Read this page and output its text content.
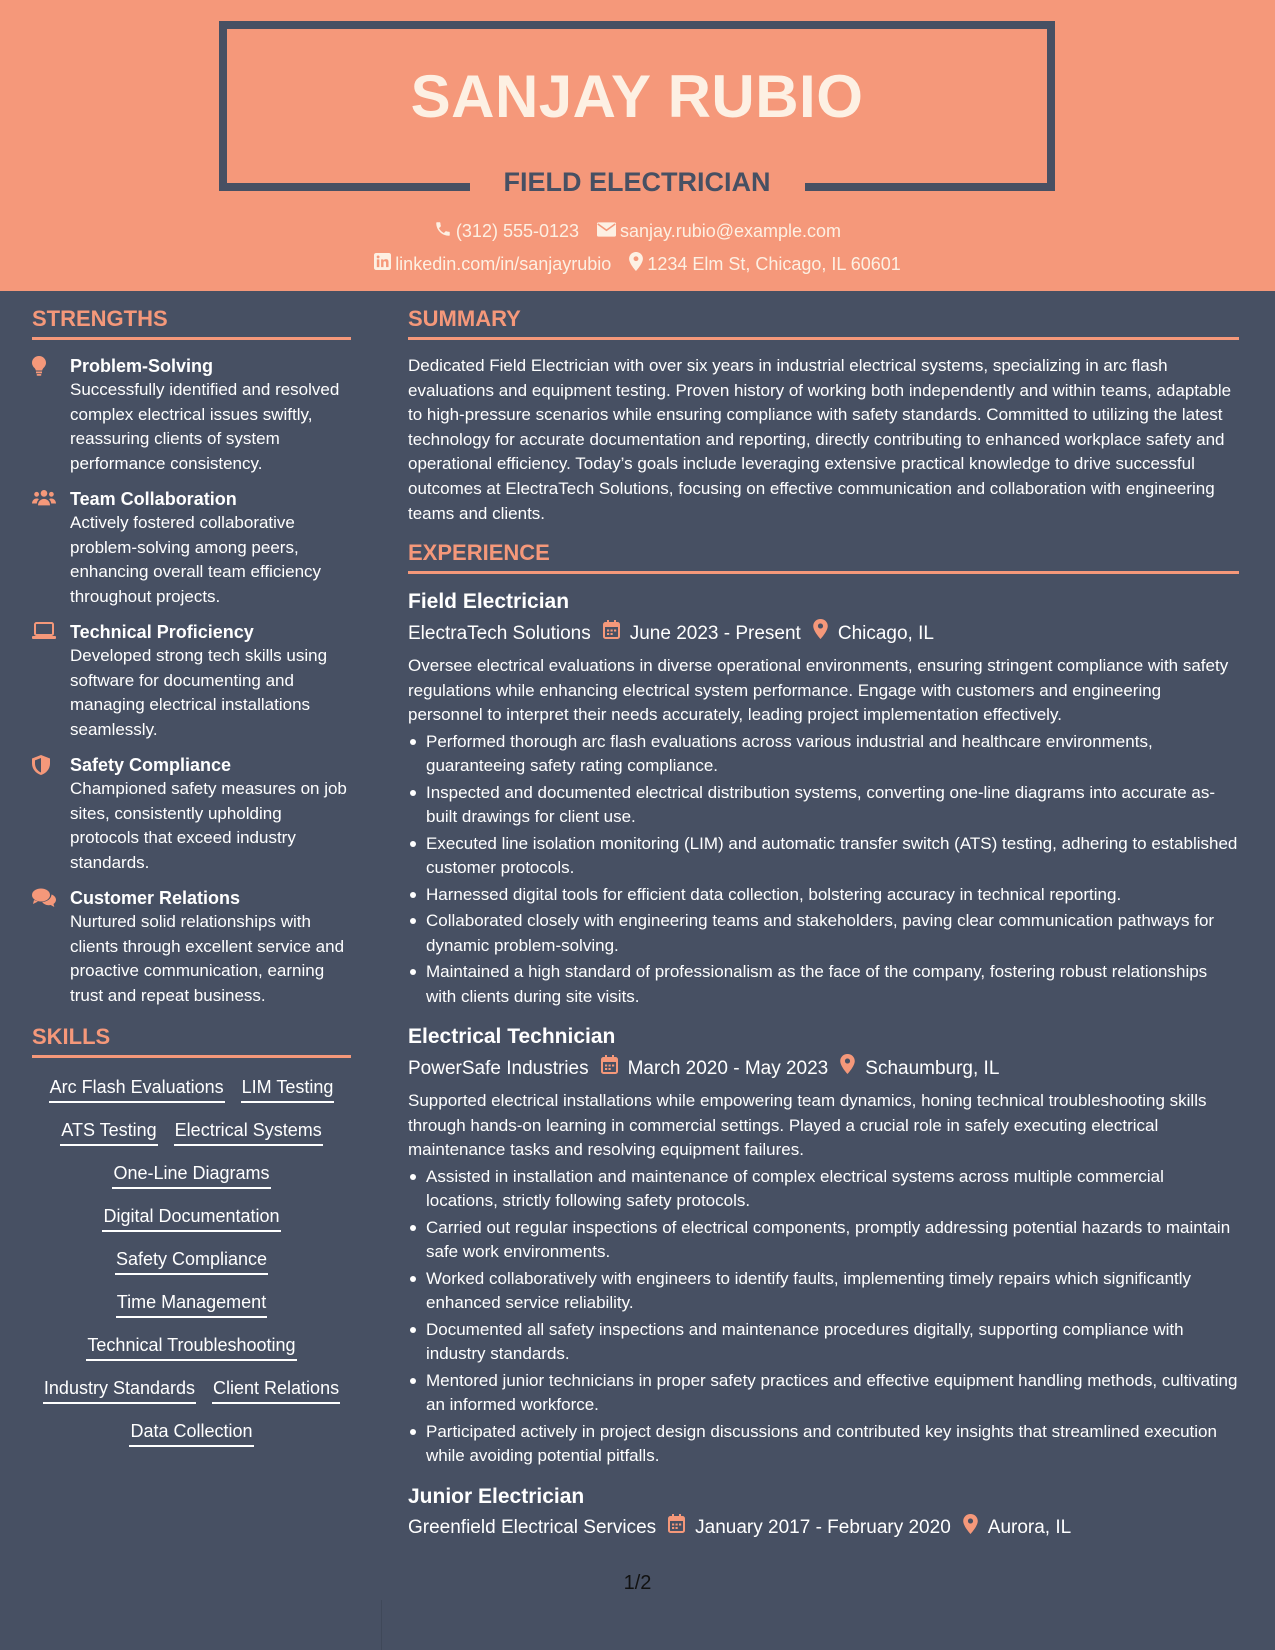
SANJAY RUBIO
FIELD ELECTRICIAN
(312) 555-0123 sanjay.rubio@example.com
linkedin.com/in/sanjayrubio 1234 Elm St, Chicago, IL 60601
STRENGTHS
Problem-Solving
Successfully identified and resolved complex electrical issues swiftly, reassuring clients of system performance consistency.
Team Collaboration
Actively fostered collaborative problem-solving among peers, enhancing overall team efficiency throughout projects.
Technical Proficiency
Developed strong tech skills using software for documenting and managing electrical installations seamlessly.
Safety Compliance
Championed safety measures on job sites, consistently upholding protocols that exceed industry standards.
Customer Relations
Nurtured solid relationships with clients through excellent service and proactive communication, earning trust and repeat business.
SKILLS
Arc Flash Evaluations LIM Testing
ATS Testing Electrical Systems
One-Line Diagrams
Digital Documentation
Safety Compliance
Time Management
Technical Troubleshooting
Industry Standards Client Relations
Data Collection
SUMMARY

Dedicated Field Electrician with over six years in industrial electrical systems, specializing in arc flash evaluations and equipment testing. Proven history of working both independently and within teams, adaptable to high-pressure scenarios while ensuring compliance with safety standards. Committed to utilizing the latest technology for accurate documentation and reporting, directly contributing to enhanced workplace safety and operational efficiency. Today’s goals include leveraging extensive practical knowledge to drive successful outcomes at ElectraTech Solutions, focusing on effective communication and collaboration with engineering teams and clients.

EXPERIENCE
Field Electrician
ElectraTech Solutions June 2023 - Present Chicago, IL
Oversee electrical evaluations in diverse operational environments, ensuring stringent compliance with safety regulations while enhancing electrical system performance. Engage with customers and engineering personnel to interpret their needs accurately, leading project implementation effectively.
Performed thorough arc flash evaluations across various industrial and healthcare environments, guaranteeing safety rating compliance.
Inspected and documented electrical distribution systems, converting one-line diagrams into accurate as-built drawings for client use.
Executed line isolation monitoring (LIM) and automatic transfer switch (ATS) testing, adhering to established customer protocols.
Harnessed digital tools for efficient data collection, bolstering accuracy in technical reporting.
Collaborated closely with engineering teams and stakeholders, paving clear communication pathways for dynamic problem-solving.
Maintained a high standard of professionalism as the face of the company, fostering robust relationships with clients during site visits.
Electrical Technician
PowerSafe Industries March 2020 - May 2023 Schaumburg, IL
Supported electrical installations while empowering team dynamics, honing technical troubleshooting skills through hands-on learning in commercial settings. Played a crucial role in safely executing electrical maintenance tasks and resolving equipment failures.
Assisted in installation and maintenance of complex electrical systems across multiple commercial locations, strictly following safety protocols.
Carried out regular inspections of electrical components, promptly addressing potential hazards to maintain safe work environments.
Worked collaboratively with engineers to identify faults, implementing timely repairs which significantly enhanced service reliability.
Documented all safety inspections and maintenance procedures digitally, supporting compliance with industry standards.
Mentored junior technicians in proper safety practices and effective equipment handling methods, cultivating an informed workforce.
Participated actively in project design discussions and contributed key insights that streamlined execution while avoiding potential pitfalls.
Junior Electrician
Greenfield Electrical Services January 2017 - February 2020 Aurora, IL
1/2
